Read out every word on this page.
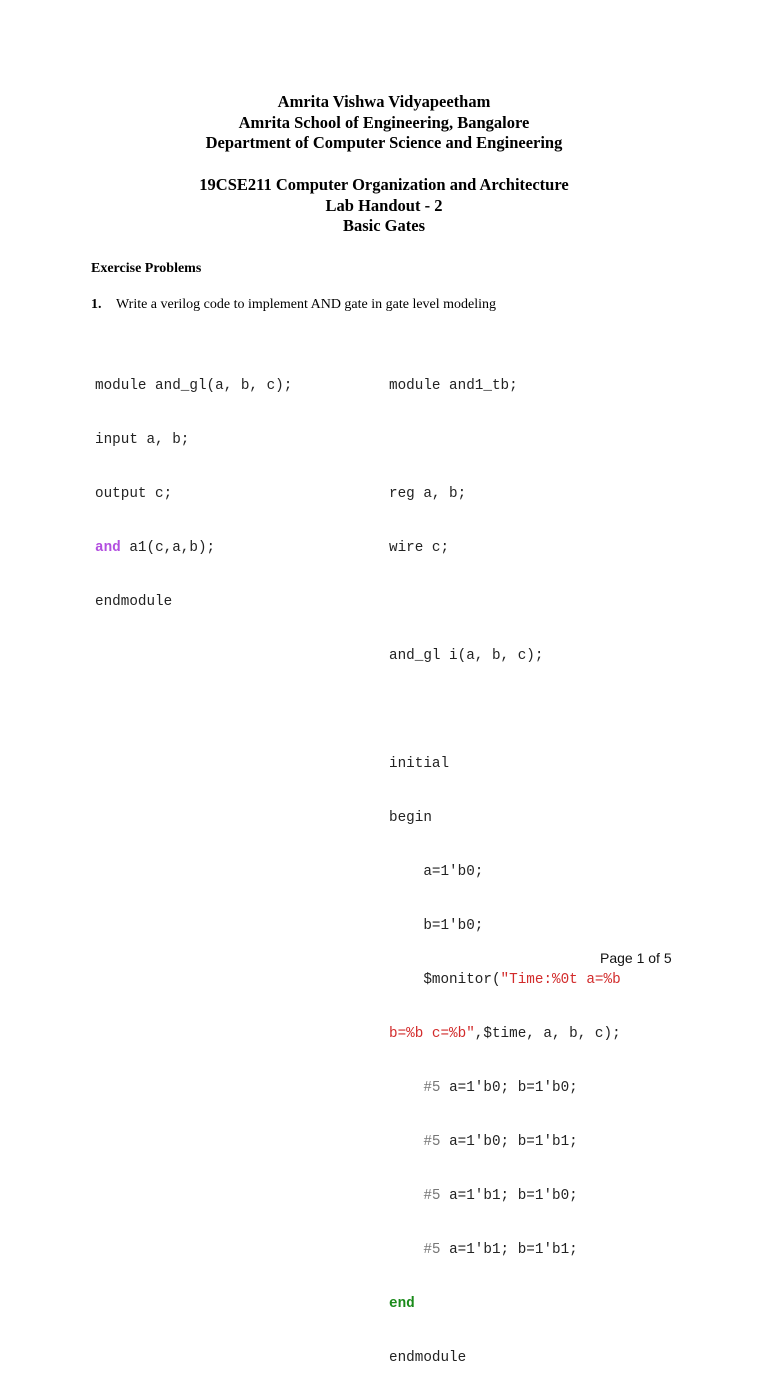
Amrita Vishwa Vidyapeetham
Amrita School of Engineering, Bangalore
Department of Computer Science and Engineering
19CSE211 Computer Organization and Architecture
Lab Handout - 2
Basic Gates
Exercise Problems
1. Write a verilog code to implement AND gate in gate level modeling

module and_gl(a, b, c);

input a, b;

output c;

and a1(c,a,b);

endmodule

module and1_tb;

reg a, b;

wire c;

and_gl i(a, b, c);

initial

begin

a=1'b0;

b=1'b0;

$monitor("Time:%0t a=%b

b=%b c=%b",$time, a, b, c);

#5 a=1'b0; b=1'b0;

#5 a=1'b0; b=1'b1;

#5 a=1'b1; b=1'b0;

#5 a=1'b1; b=1'b1;

end

endmodule

Page 1 of 5
